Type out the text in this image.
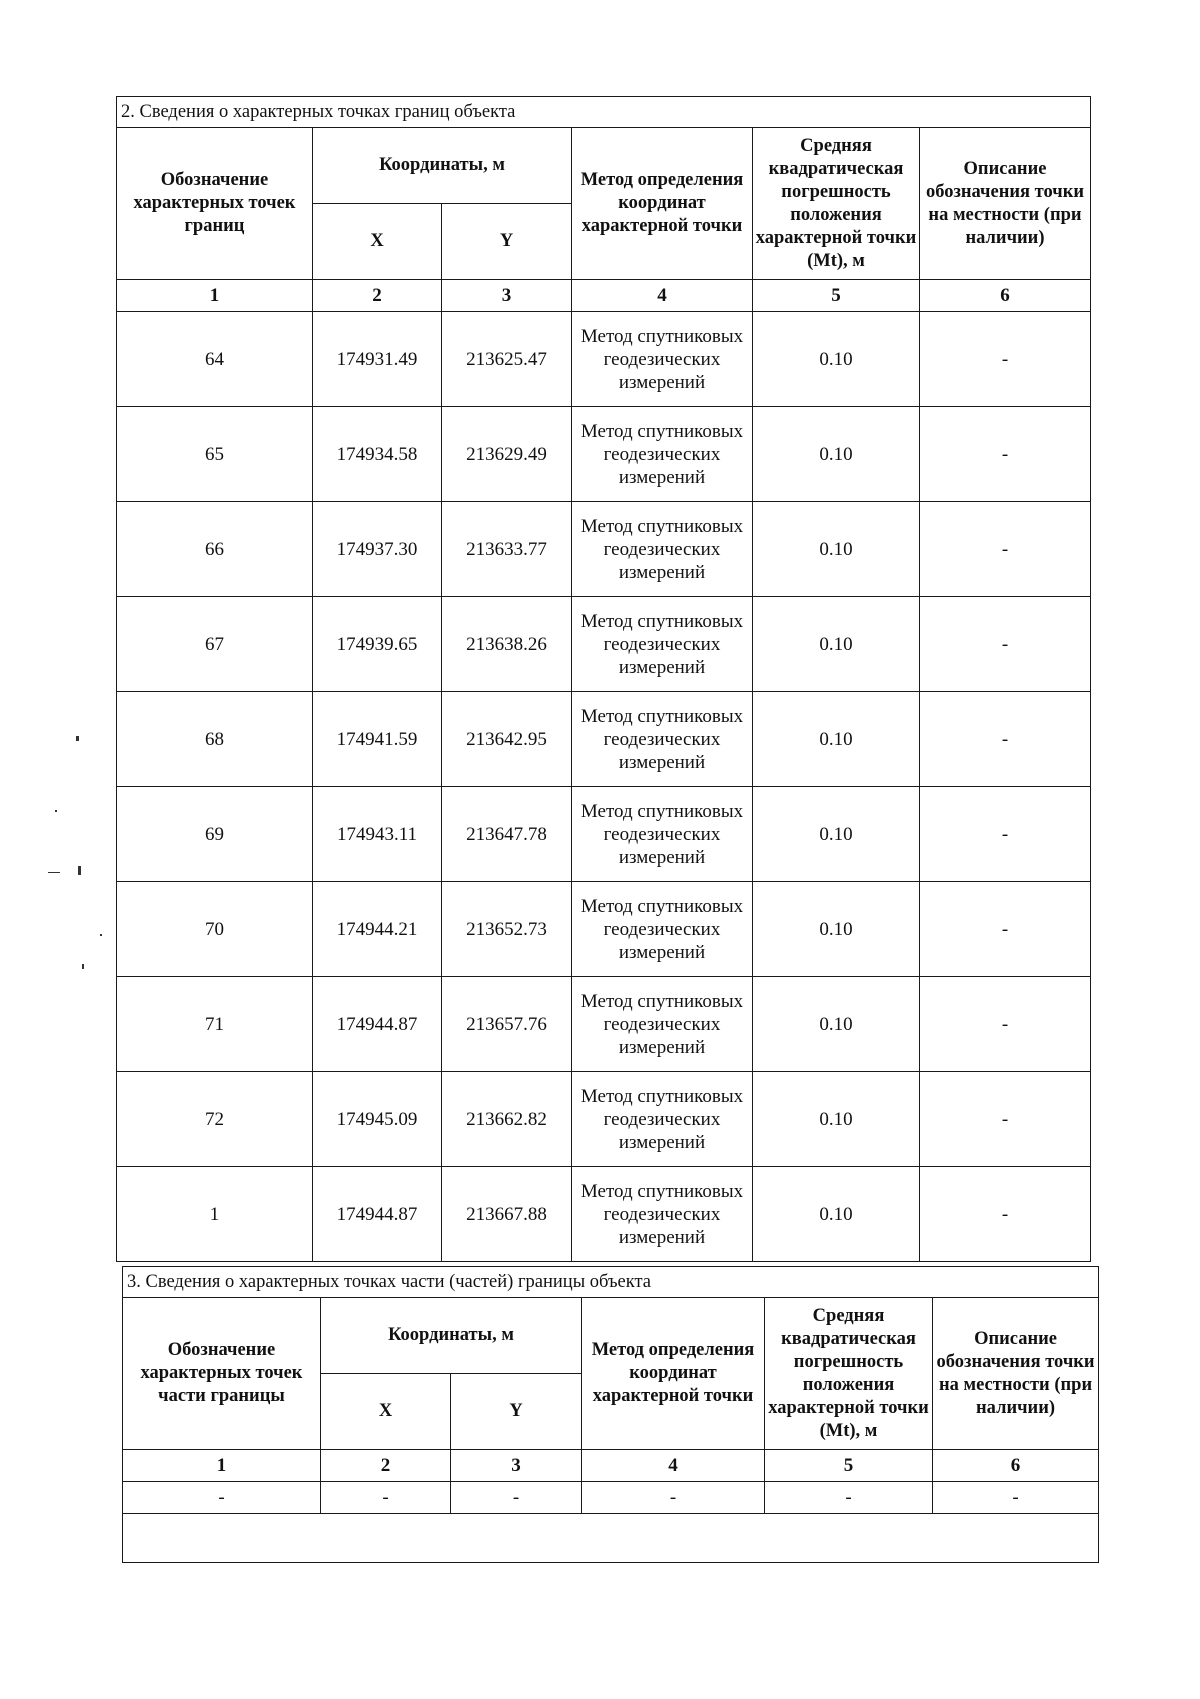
2. Сведения о характерных точках границ объекта					
Обозначение характерных точек границ	Координаты, м		Метод определения координат характерной точки	Средняя квадратическая погрешность положения характерной точки (Mt), м	Описание обозначения точки на местности (при наличии)
	X	Y			
1	2	3	4	5	6
64	174931.49	213625.47	Метод спутниковых геодезических измерений	0.10	-
65	174934.58	213629.49	Метод спутниковых геодезических измерений	0.10	-
66	174937.30	213633.77	Метод спутниковых геодезических измерений	0.10	-
67	174939.65	213638.26	Метод спутниковых геодезических измерений	0.10	-
68	174941.59	213642.95	Метод спутниковых геодезических измерений	0.10	-
69	174943.11	213647.78	Метод спутниковых геодезических измерений	0.10	-
70	174944.21	213652.73	Метод спутниковых геодезических измерений	0.10	-
71	174944.87	213657.76	Метод спутниковых геодезических измерений	0.10	-
72	174945.09	213662.82	Метод спутниковых геодезических измерений	0.10	-
1	174944.87	213667.88	Метод спутниковых геодезических измерений	0.10	-
3. Сведения о характерных точках части (частей) границы объекта					
Обозначение характерных точек части границы	Координаты, м		Метод определения координат характерной точки	Средняя квадратическая погрешность положения характерной точки (Mt), м	Описание обозначения точки на местности (при наличии)
	X	Y			
1	2	3	4	5	6
-	-	-	-	-	-
